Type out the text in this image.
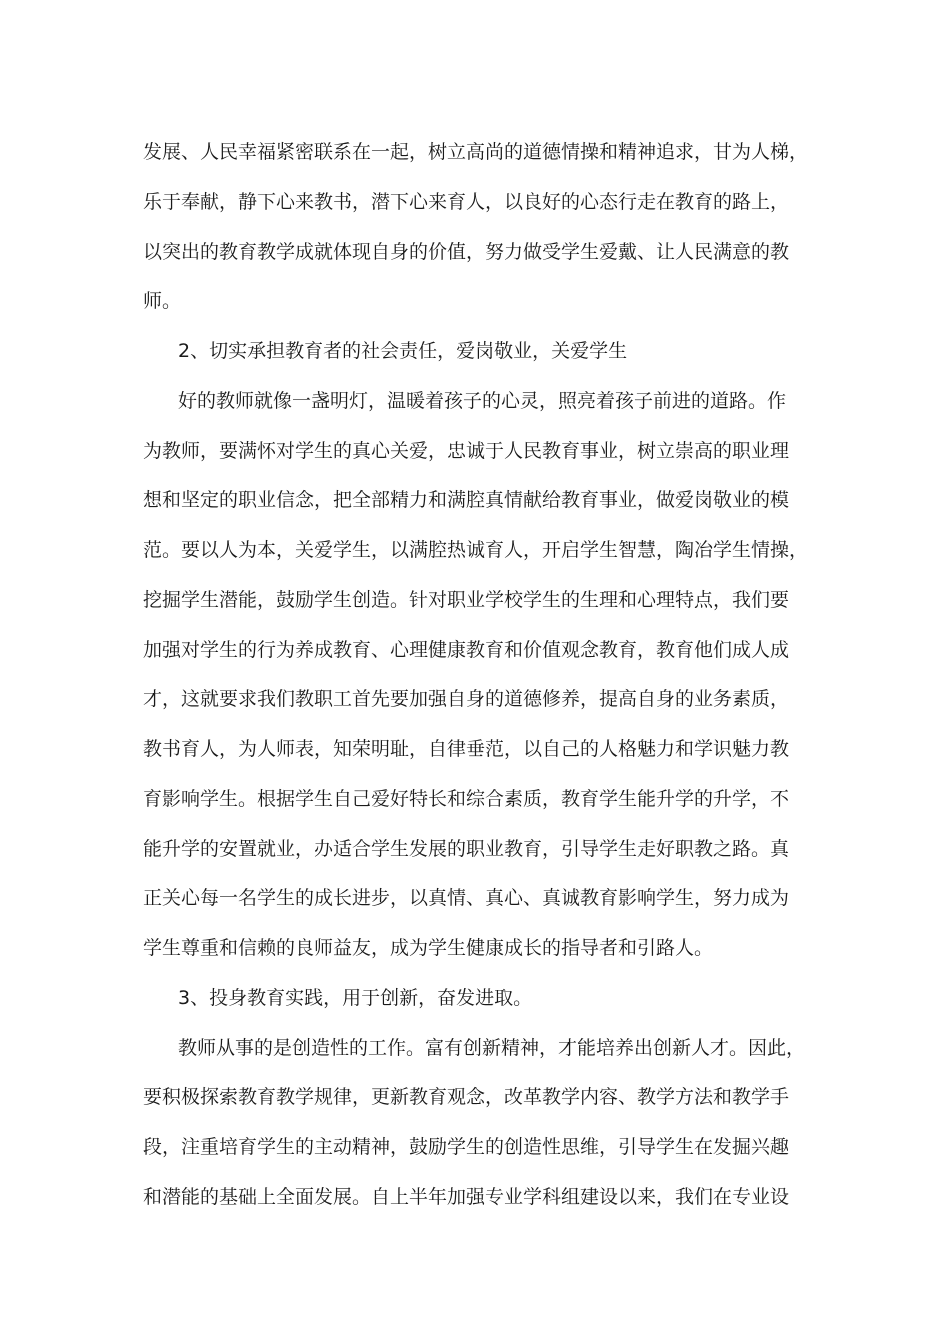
发展、人民幸福紧密联系在一起，树立高尚的道德情操和精神追求，甘为人梯，
乐于奉献，静下心来教书，潜下心来育人，以良好的心态行走在教育的路上，
以突出的教育教学成就体现自身的价值，努力做受学生爱戴、让人民满意的教
师。
2、切实承担教育者的社会责任，爱岗敬业，关爱学生
好的教师就像一盏明灯，温暖着孩子的心灵，照亮着孩子前进的道路。作
为教师，要满怀对学生的真心关爱，忠诚于人民教育事业，树立崇高的职业理
想和坚定的职业信念，把全部精力和满腔真情献给教育事业，做爱岗敬业的模
范。要以人为本，关爱学生，以满腔热诚育人，开启学生智慧，陶冶学生情操，
挖掘学生潜能，鼓励学生创造。针对职业学校学生的生理和心理特点，我们要
加强对学生的行为养成教育、心理健康教育和价值观念教育，教育他们成人成
才，这就要求我们教职工首先要加强自身的道德修养，提高自身的业务素质，
教书育人，为人师表，知荣明耻，自律垂范，以自己的人格魅力和学识魅力教
育影响学生。根据学生自己爱好特长和综合素质，教育学生能升学的升学，不
能升学的安置就业，办适合学生发展的职业教育，引导学生走好职教之路。真
正关心每一名学生的成长进步，以真情、真心、真诚教育影响学生，努力成为
学生尊重和信赖的良师益友，成为学生健康成长的指导者和引路人。
3、投身教育实践，用于创新，奋发进取。
教师从事的是创造性的工作。富有创新精神，才能培养出创新人才。因此，
要积极探索教育教学规律，更新教育观念，改革教学内容、教学方法和教学手
段，注重培育学生的主动精神，鼓励学生的创造性思维，引导学生在发掘兴趣
和潜能的基础上全面发展。自上半年加强专业学科组建设以来，我们在专业设
